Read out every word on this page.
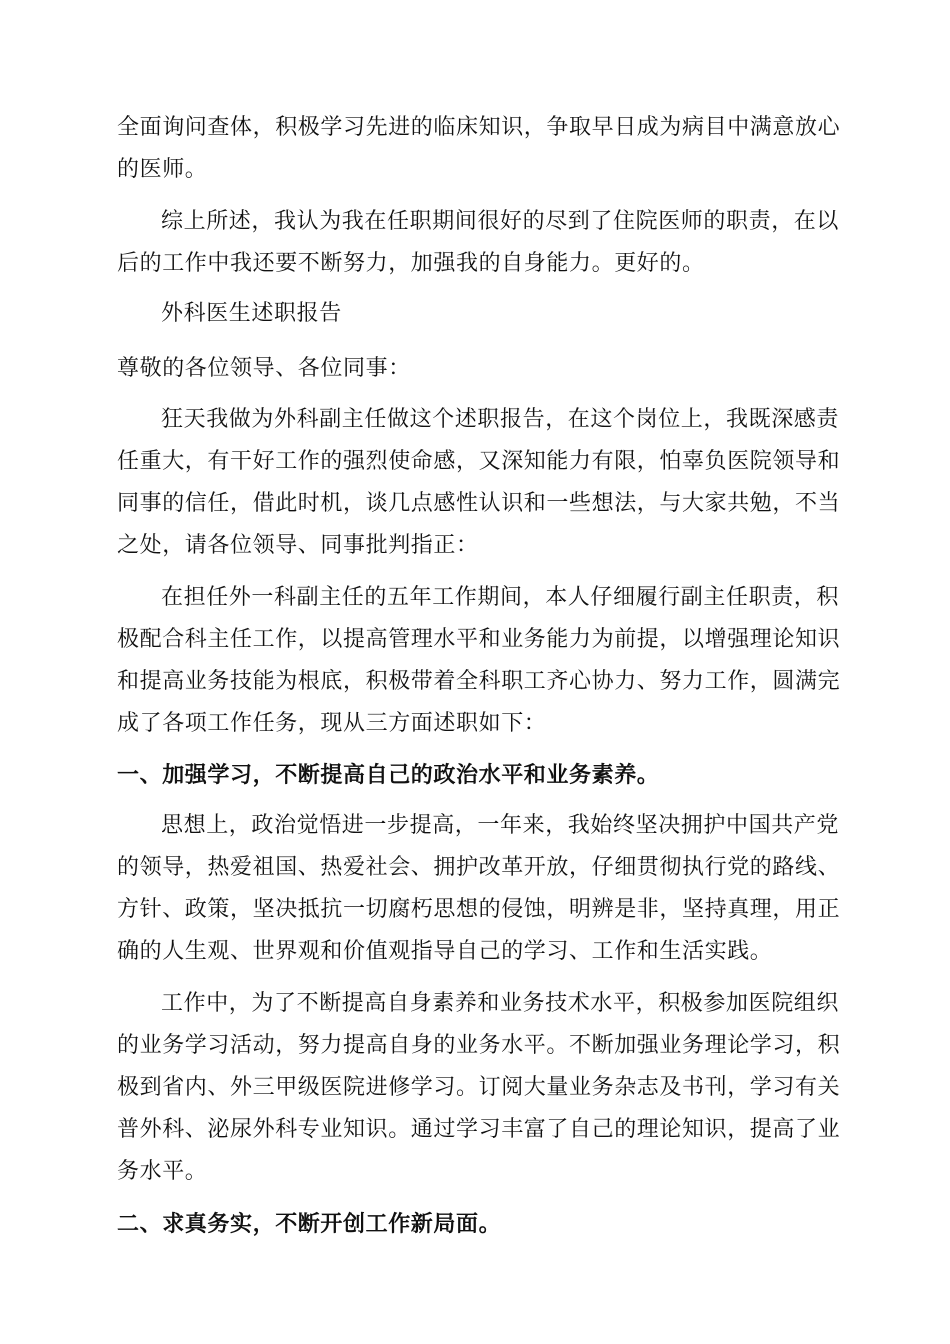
全面询问查体，积极学习先进的临床知识，争取早日成为病目中满意放心
的医师。
综上所述，我认为我在任职期间很好的尽到了住院医师的职责，在以
后的工作中我还要不断努力，加强我的自身能力。更好的。
外科医生述职报告
尊敬的各位领导、各位同事：
狂天我做为外科副主任做这个述职报告，在这个岗位上，我既深感责
任重大，有干好工作的强烈使命感，又深知能力有限，怕辜负医院领导和
同事的信任，借此时机，谈几点感性认识和一些想法，与大家共勉，不当
之处，请各位领导、同事批判指正：
在担任外一科副主任的五年工作期间，本人仔细履行副主任职责，积
极配合科主任工作，以提高管理水平和业务能力为前提，以增强理论知识
和提高业务技能为根底，积极带着全科职工齐心协力、努力工作，圆满完
成了各项工作任务，现从三方面述职如下：
一、加强学习，不断提高自己的政治水平和业务素养。
思想上，政治觉悟进一步提高，一年来，我始终坚决拥护中国共产党
的领导，热爱祖国、热爱社会、拥护改革开放，仔细贯彻执行党的路线、
方针、政策，坚决抵抗一切腐朽思想的侵蚀，明辨是非，坚持真理，用正
确的人生观、世界观和价值观指导自己的学习、工作和生活实践。
工作中，为了不断提高自身素养和业务技术水平，积极参加医院组织
的业务学习活动，努力提高自身的业务水平。不断加强业务理论学习，积
极到省内、外三甲级医院进修学习。订阅大量业务杂志及书刊，学习有关
普外科、泌尿外科专业知识。通过学习丰富了自己的理论知识，提高了业
务水平。
二、求真务实，不断开创工作新局面。
